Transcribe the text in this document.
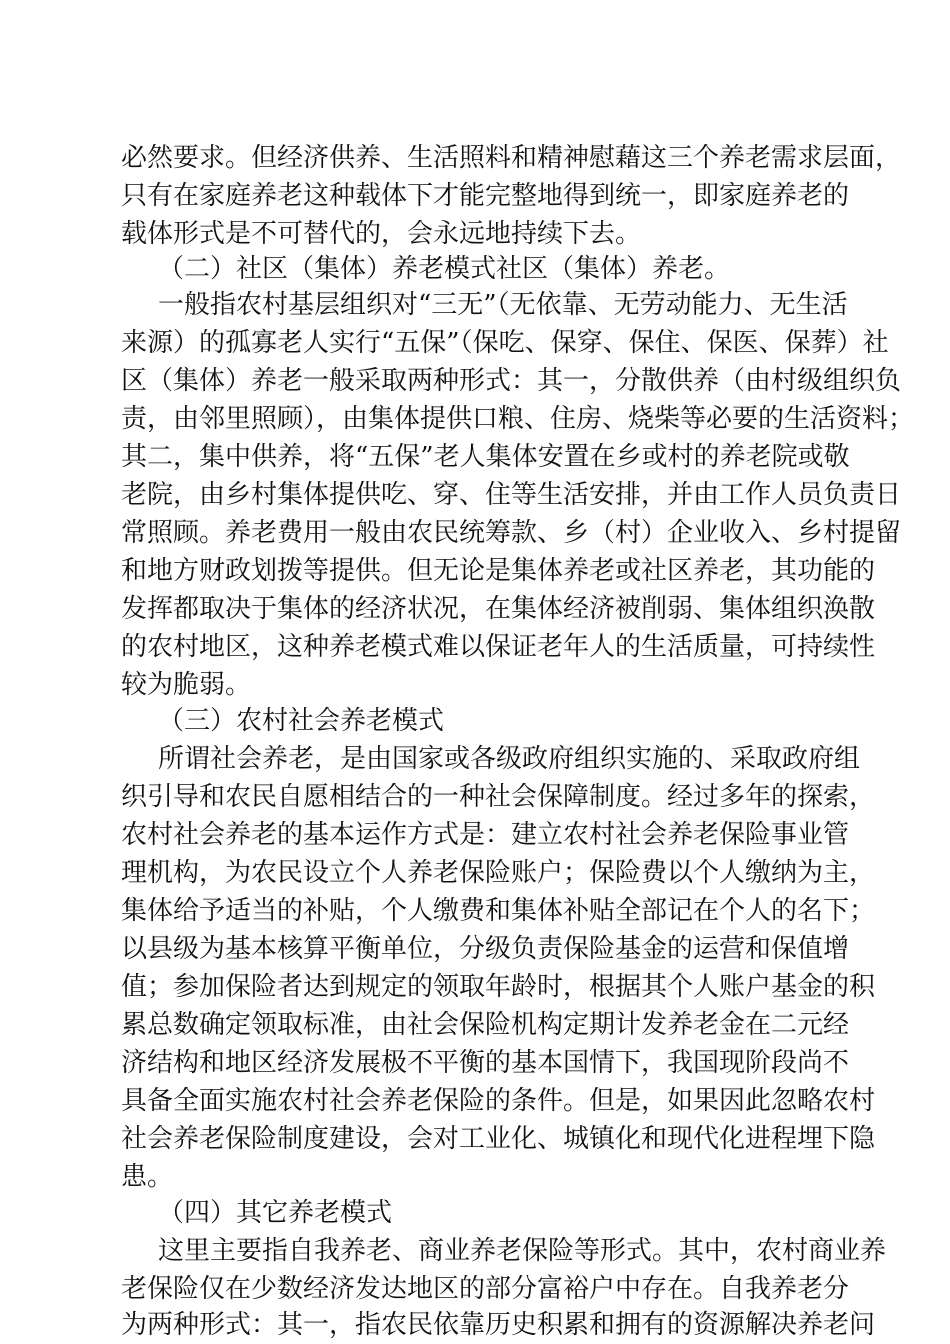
必然要求。但经济供养、生活照料和精神慰藉这三个养老需求层面，
只有在家庭养老这种载体下才能完整地得到统一，即家庭养老的
载体形式是不可替代的，会永远地持续下去。
（二）社区（集体）养老模式社区（集体）养老。
一般指农村基层组织对“三无”（无依靠、无劳动能力、无生活
来源）的孤寡老人实行“五保”（保吃、保穿、保住、保医、保葬）社
区（集体）养老一般采取两种形式：其一，分散供养（由村级组织负
责，由邻里照顾），由集体提供口粮、住房、烧柴等必要的生活资料；
其二，集中供养，将“五保”老人集体安置在乡或村的养老院或敬
老院，由乡村集体提供吃、穿、住等生活安排，并由工作人员负责日
常照顾。养老费用一般由农民统筹款、乡（村）企业收入、乡村提留
和地方财政划拨等提供。但无论是集体养老或社区养老，其功能的
发挥都取决于集体的经济状况，在集体经济被削弱、集体组织涣散
的农村地区，这种养老模式难以保证老年人的生活质量，可持续性
较为脆弱。
（三）农村社会养老模式
所谓社会养老，是由国家或各级政府组织实施的、采取政府组
织引导和农民自愿相结合的一种社会保障制度。经过多年的探索，
农村社会养老的基本运作方式是：建立农村社会养老保险事业管
理机构，为农民设立个人养老保险账户；保险费以个人缴纳为主，
集体给予适当的补贴，个人缴费和集体补贴全部记在个人的名下；
以县级为基本核算平衡单位，分级负责保险基金的运营和保值增
值；参加保险者达到规定的领取年龄时，根据其个人账户基金的积
累总数确定领取标准，由社会保险机构定期计发养老金在二元经
济结构和地区经济发展极不平衡的基本国情下，我国现阶段尚不
具备全面实施农村社会养老保险的条件。但是，如果因此忽略农村
社会养老保险制度建设，会对工业化、城镇化和现代化进程埋下隐
患。
（四）其它养老模式
这里主要指自我养老、商业养老保险等形式。其中，农村商业养
老保险仅在少数经济发达地区的部分富裕户中存在。自我养老分
为两种形式：其一，指农民依靠历史积累和拥有的资源解决养老问
